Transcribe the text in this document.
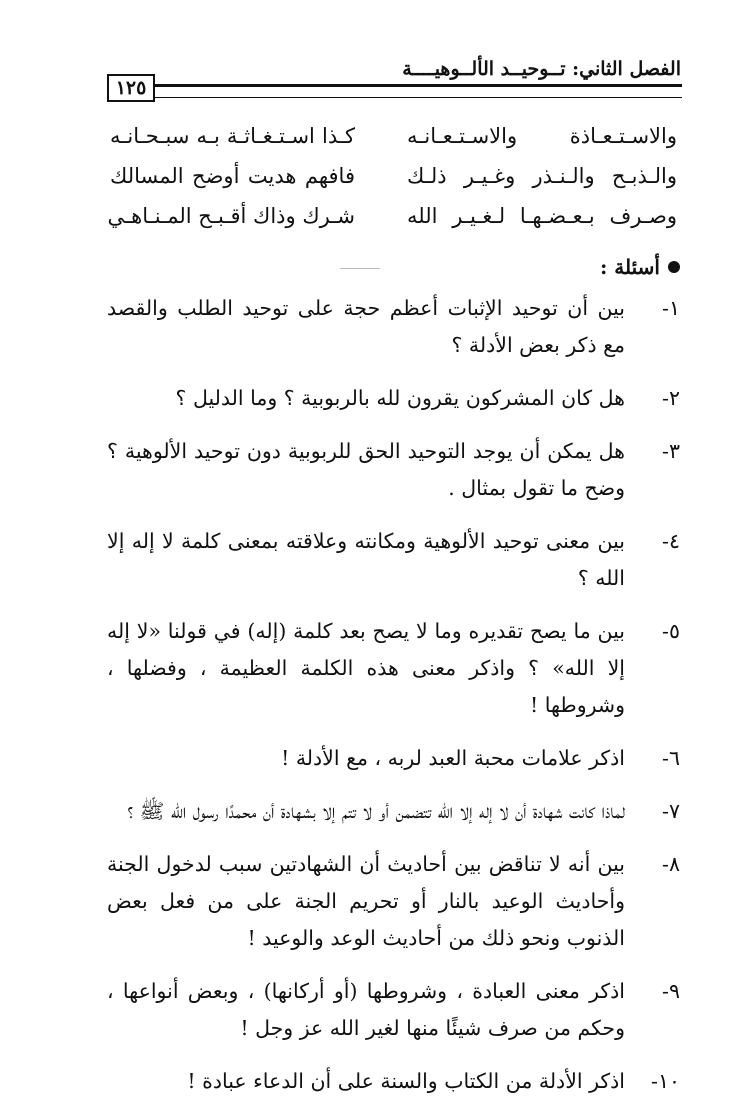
الفصل الثاني: تــوحيــد الألــوهيــــة
١٢٥
والاسـتـعـاذة والاسـتـعـانـه
كـذا اسـتـغـاثـة بـه سبـحـانـه
والـذبـح والـنـذر وغـيـر ذلـك
فافهم هديت أوضح المسالك
وصـرف بـعـضـهـا لـغـيـر الله
شـرك وذاك أقـبـح المـنـاهـي
أسئلة :
١-
بين أن توحيد الإثبات أعظم حجة على توحيد الطلب والقصد مع ذكر بعض الأدلة ؟
٢-
هل كان المشركون يقرون لله بالربوبية ؟ وما الدليل ؟
٣-
هل يمكن أن يوجد التوحيد الحق للربوبية دون توحيد الألوهية ؟ وضح ما تقول بمثال .
٤-
بين معنى توحيد الألوهية ومكانته وعلاقته بمعنى كلمة لا إله إلا الله ؟
٥-
بين ما يصح تقديره وما لا يصح بعد كلمة (إله) في قولنا «لا إله إلا الله» ؟ واذكر معنى هذه الكلمة العظيمة ، وفضلها ، وشروطها !
٦-
اذكر علامات محبة العبد لربه ، مع الأدلة !
٧-
لماذا كانت شهادة أن لا إله إلا الله تتضمن أو لا تتم إلا بشهادة أن محمدًا رسول الله ﷺ ؟
٨-
بين أنه لا تناقض بين أحاديث أن الشهادتين سبب لدخول الجنة وأحاديث الوعيد بالنار أو تحريم الجنة على من فعل بعض الذنوب ونحو ذلك من أحاديث الوعد والوعيد !
٩-
اذكر معنى العبادة ، وشروطها (أو أركانها) ، وبعض أنواعها ، وحكم من صرف شيئًا منها لغير الله عز وجل !
١٠-
اذكر الأدلة من الكتاب والسنة على أن الدعاء عبادة !
